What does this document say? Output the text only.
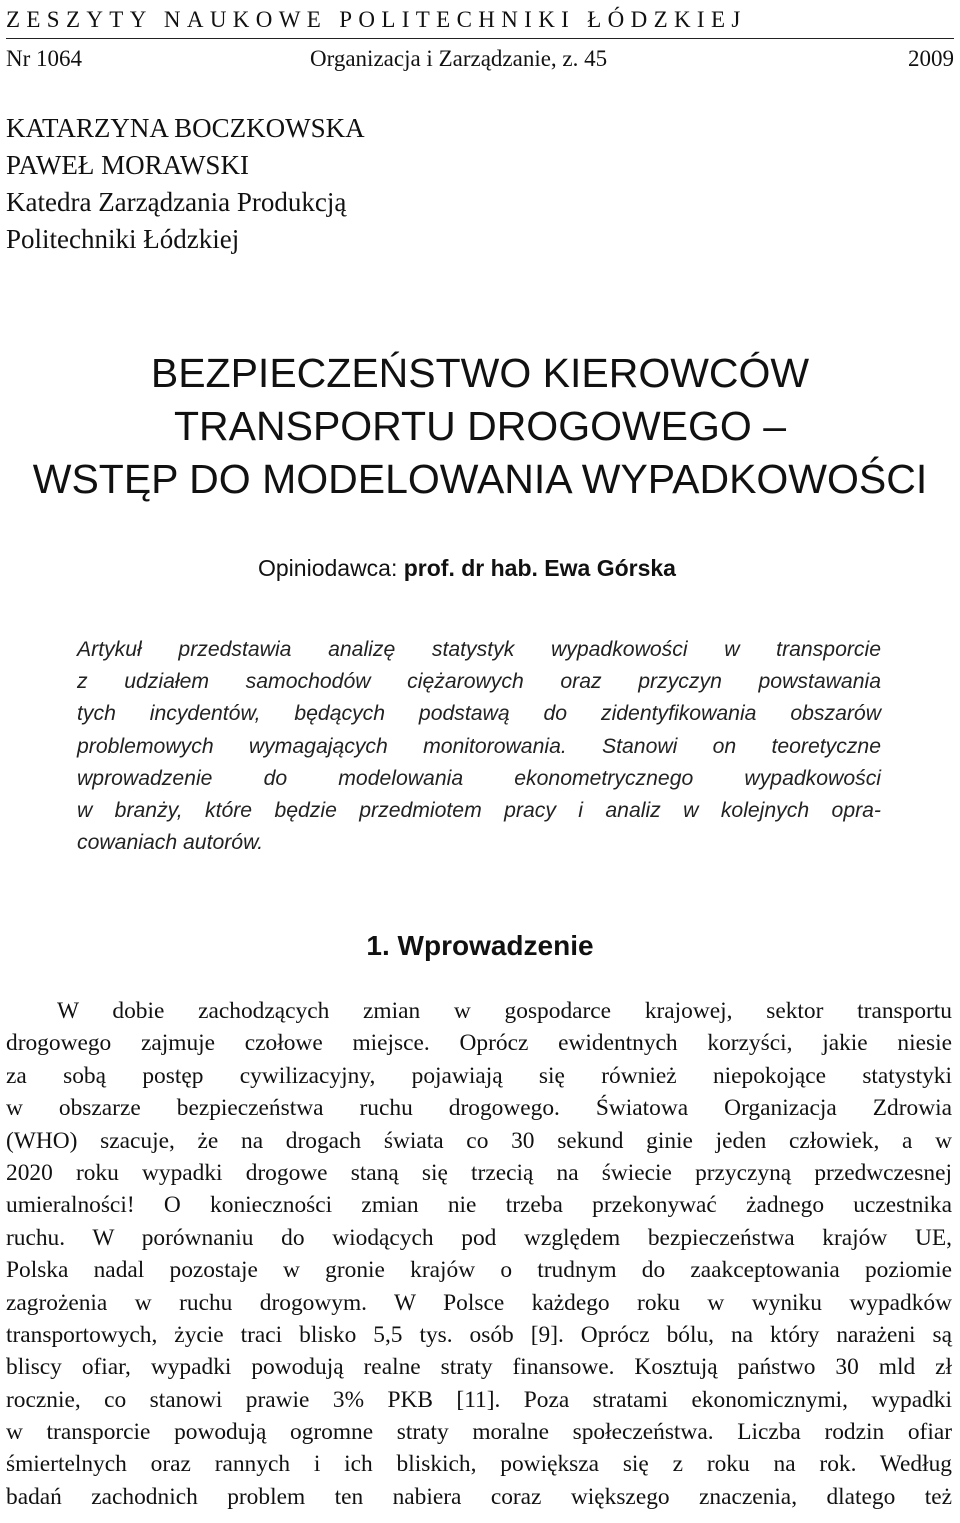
ZESZYTY NAUKOWE POLITECHNIKI ŁÓDZKIEJ
Nr 1064	Organizacja i Zarządzanie, z. 45	2009
KATARZYNA BOCZKOWSKA
PAWEŁ MORAWSKI
Katedra Zarządzania Produkcją
Politechniki Łódzkiej
BEZPIECZEŃSTWO KIEROWCÓW
TRANSPORTU DROGOWEGO –
WSTĘP DO MODELOWANIA WYPADKOWOŚCI
Opiniodawca: prof. dr hab. Ewa Górska
Artykuł przedstawia analizę statystyk wypadkowości w transporcie
z udziałem samochodów ciężarowych oraz przyczyn powstawania
tych incydentów, będących podstawą do zidentyfikowania obszarów
problemowych wymagających monitorowania. Stanowi on teoretyczne
wprowadzenie do modelowania ekonometrycznego wypadkowości
w branży, które będzie przedmiotem pracy i analiz w kolejnych opra-
cowaniach autorów.
1. Wprowadzenie
W dobie zachodzących zmian w gospodarce krajowej, sektor transportu
drogowego zajmuje czołowe miejsce. Oprócz ewidentnych korzyści, jakie niesie
za sobą postęp cywilizacyjny, pojawiają się również niepokojące statystyki
w obszarze bezpieczeństwa ruchu drogowego. Światowa Organizacja Zdrowia
(WHO) szacuje, że na drogach świata co 30 sekund ginie jeden człowiek, a w
2020 roku wypadki drogowe staną się trzecią na świecie przyczyną przedwczesnej
umieralności! O konieczności zmian nie trzeba przekonywać żadnego uczestnika
ruchu. W porównaniu do wiodących pod względem bezpieczeństwa krajów UE,
Polska nadal pozostaje w gronie krajów o trudnym do zaakceptowania poziomie
zagrożenia w ruchu drogowym. W Polsce każdego roku w wyniku wypadków
transportowych, życie traci blisko 5,5 tys. osób [9]. Oprócz bólu, na który narażeni są
bliscy ofiar, wypadki powodują realne straty finansowe. Kosztują państwo 30 mld zł
rocznie, co stanowi prawie 3% PKB [11]. Poza stratami ekonomicznymi, wypadki
w transporcie powodują ogromne straty moralne społeczeństwa. Liczba rodzin ofiar
śmiertelnych oraz rannych i ich bliskich, powiększa się z roku na rok. Według
badań zachodnich problem ten nabiera coraz większego znaczenia, dlatego też
